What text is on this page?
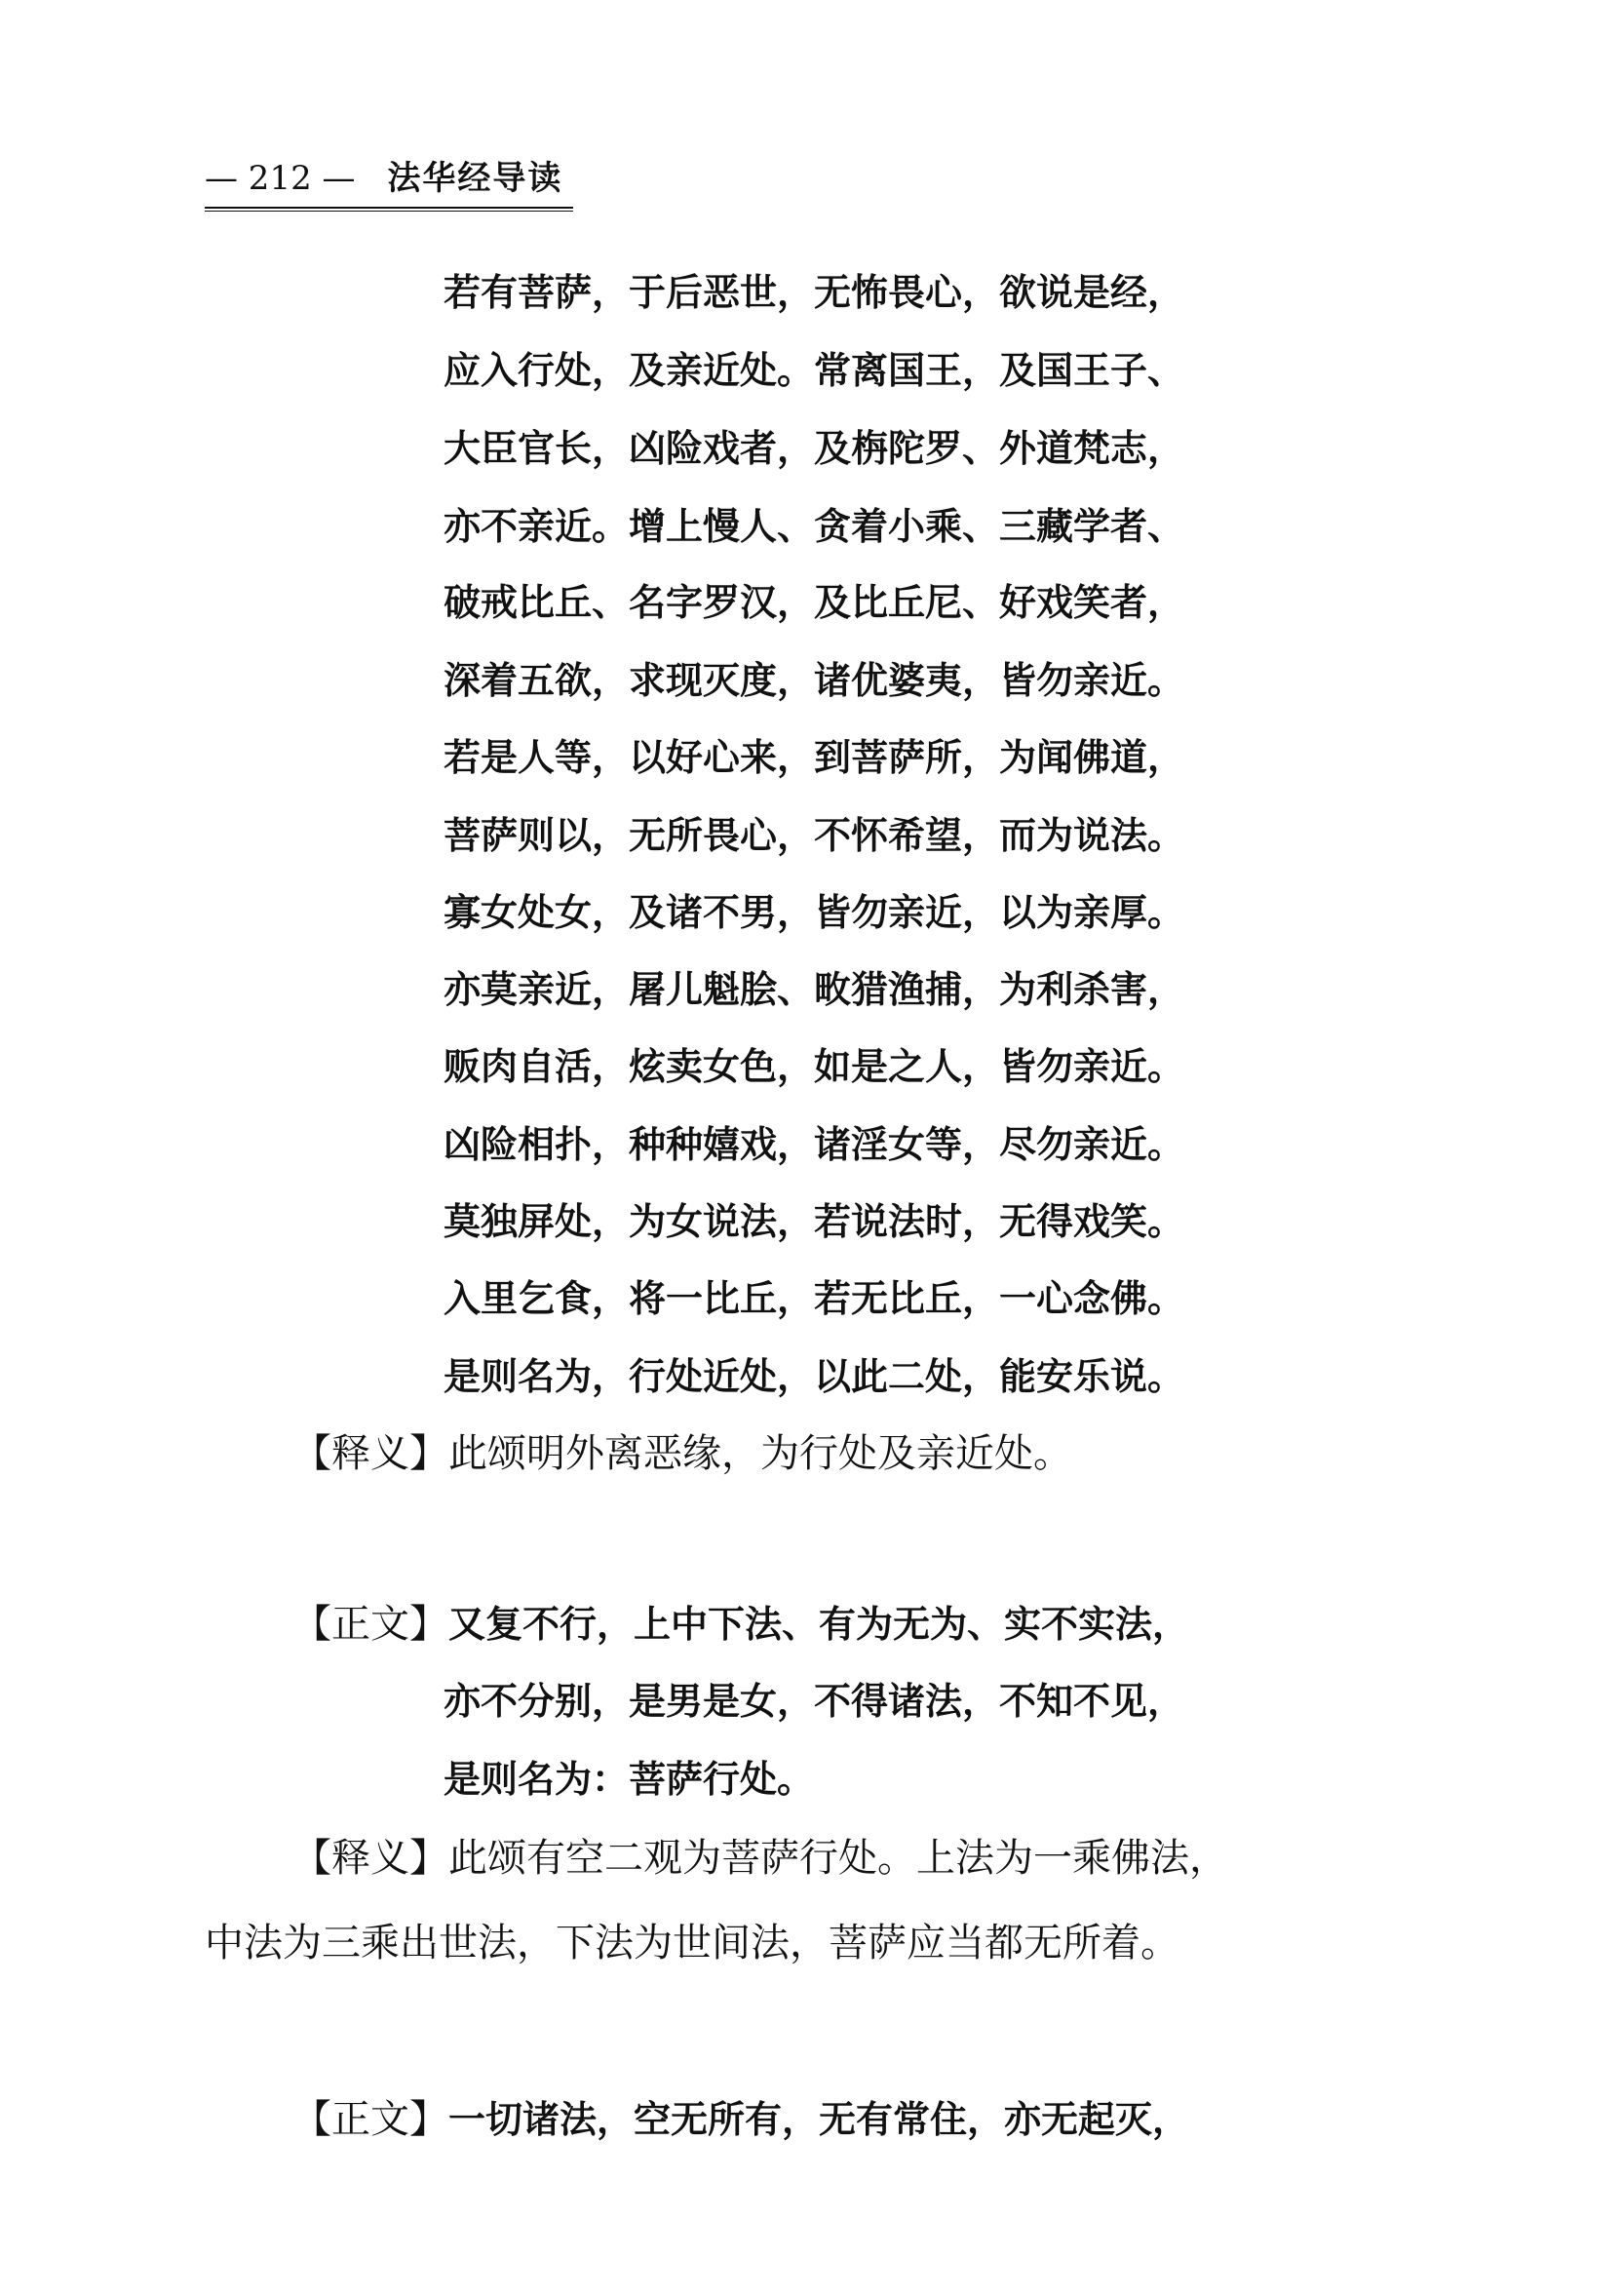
— 212 — 法华经导读
若有菩萨，于后恶世，无怖畏心，欲说是经，
应入行处，及亲近处。常离国王，及国王子、
大臣官长，凶险戏者，及栴陀罗、外道梵志，
亦不亲近。增上慢人、贪着小乘、三藏学者、
破戒比丘、名字罗汉，及比丘尼、好戏笑者，
深着五欲，求现灭度，诸优婆夷，皆勿亲近。
若是人等，以好心来，到菩萨所，为闻佛道，
菩萨则以，无所畏心，不怀希望，而为说法。
寡女处女，及诸不男，皆勿亲近，以为亲厚。
亦莫亲近，屠儿魁脍、畋猎渔捕，为利杀害，
贩肉自活，炫卖女色，如是之人，皆勿亲近。
凶险相扑，种种嬉戏，诸淫女等，尽勿亲近。
莫独屏处，为女说法，若说法时，无得戏笑。
入里乞食，将一比丘，若无比丘，一心念佛。
是则名为，行处近处，以此二处，能安乐说。
【释义】此颂明外离恶缘，为行处及亲近处。
【正文】又复不行，上中下法、有为无为、实不实法，
亦不分别，是男是女，不得诸法，不知不见，
是则名为：菩萨行处。
【释义】此颂有空二观为菩萨行处。上法为一乘佛法，
中法为三乘出世法，下法为世间法，菩萨应当都无所着。
【正文】一切诸法，空无所有，无有常住，亦无起灭，
